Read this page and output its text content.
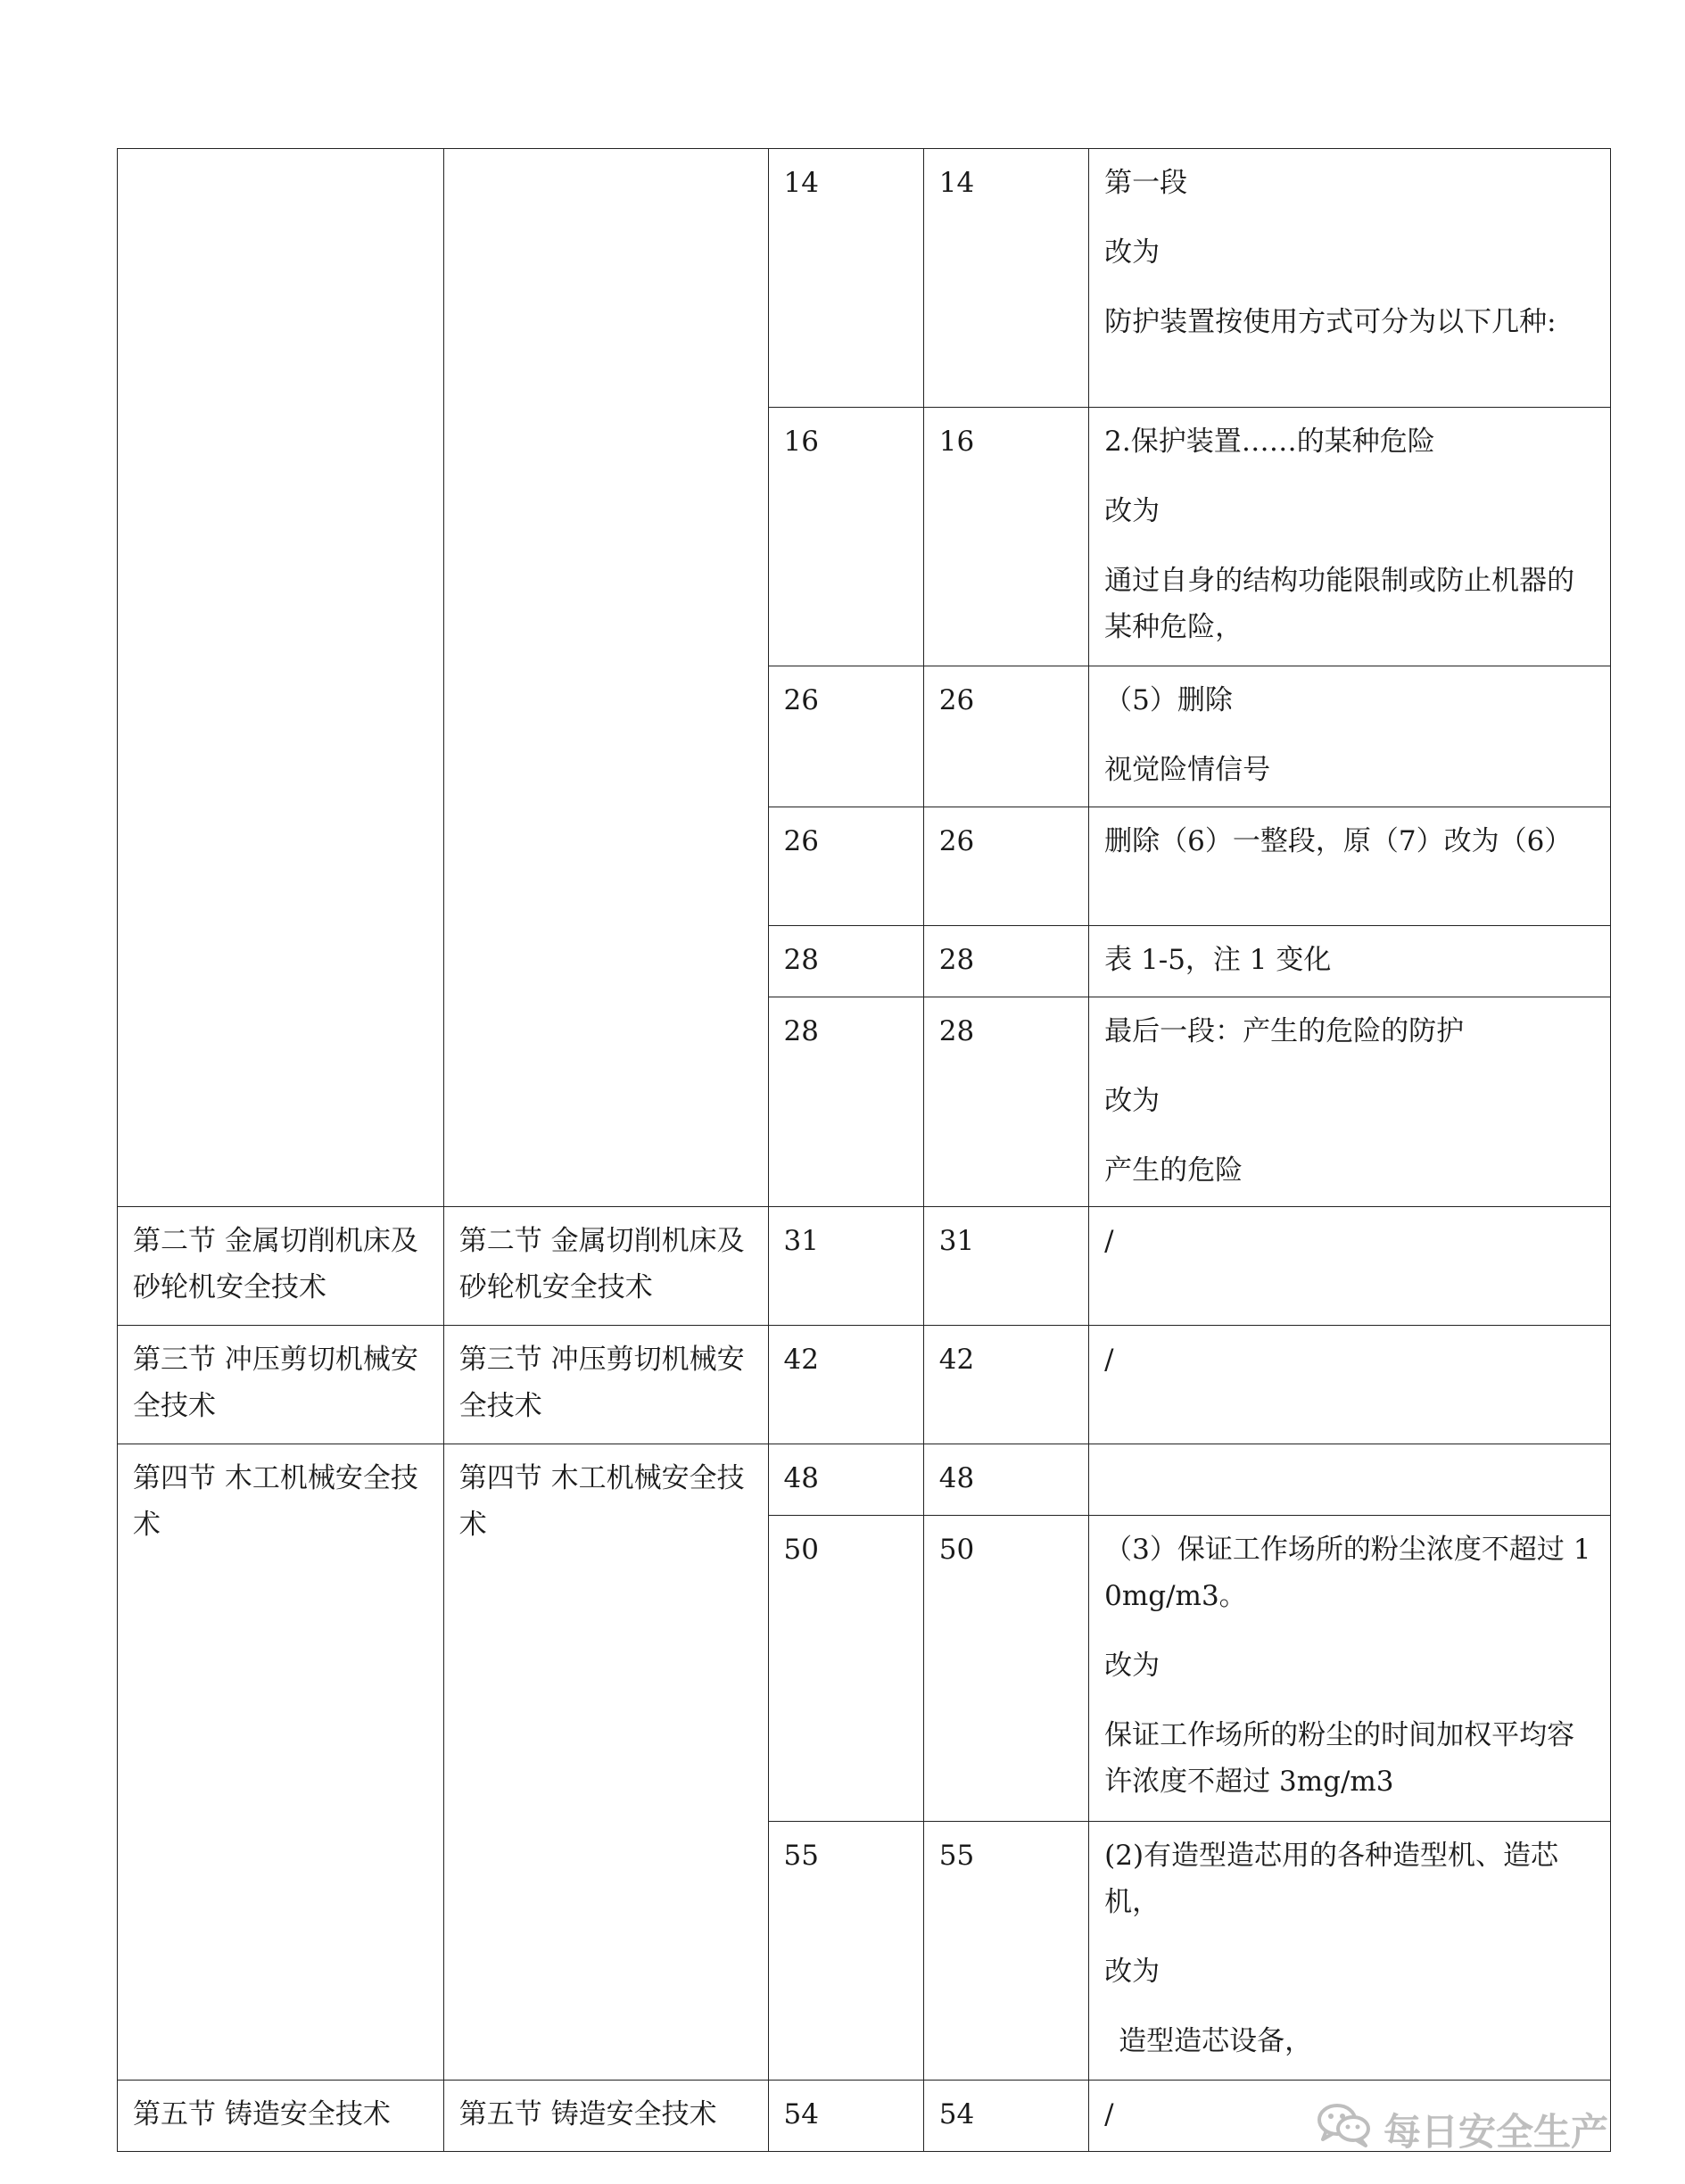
		14	14	第一段
改为
防护装置按使用方式可分为以下几种:

		16	16	2.保护装置……的某种危险
改为
通过自身的结构功能限制或防止机器的某种危险，

		26	26	（5）删除
视觉险情信号

		26	26	删除（6）一整段，原（7）改为（6）

		28	28	表 1-5，注 1 变化

		28	28	最后一段：产生的危险的防护
改为
产生的危险

第二节 金属切削机床及砂轮机安全技术	第二节 金属切削机床及砂轮机安全技术	31	31	/

第三节 冲压剪切机械安全技术	第三节 冲压剪切机械安全技术	42	42	/

第四节 木工机械安全技术	第四节 木工机械安全技术	48	48	

		50	50	（3）保证工作场所的粉尘浓度不超过 10mg/m3。
改为
保证工作场所的粉尘的时间加权平均容许浓度不超过 3mg/m3

		55	55	(2)有造型造芯用的各种造型机、造芯机，
改为
造型造芯设备，

第五节 铸造安全技术	第五节 铸造安全技术	54	54	/	每日安全生产
